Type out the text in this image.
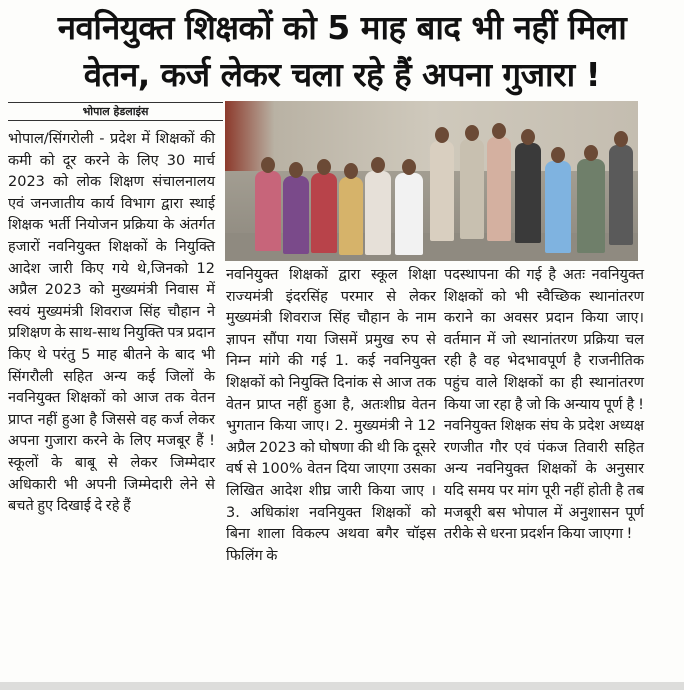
नवनियुक्त शिक्षकों को 5 माह बाद भी नहीं मिला
वेतन, कर्ज लेकर चला रहे हैं अपना गुजारा !
भोपाल हेडलाइंस

भोपाल/सिंगरोली - प्रदेश में शिक्षकों की कमी को दूर करने के लिए 30 मार्च 2023 को लोक शिक्षण संचालनालय एवं जनजातीय कार्य विभाग द्वारा स्थाई शिक्षक भर्ती नियोजन प्रक्रिया के अंतर्गत हजारों नवनियुक्त शिक्षकों के नियुक्ति आदेश जारी किए गये थे,जिनको 12 अप्रैल 2023 को मुख्यमंत्री निवास में स्वयं मुख्यमंत्री शिवराज सिंह चौहान ने प्रशिक्षण के साथ-साथ नियुक्ति पत्र प्रदान किए थे परंतु 5 माह बीतने के बाद भी सिंगरौली सहित अन्य कई जिलों के नवनियुक्त शिक्षकों को आज तक वेतन प्राप्त नहीं हुआ है जिससे वह कर्ज लेकर अपना गुजारा करने के लिए मजबूर हैं ! स्कूलों के बाबू से लेकर जिम्मेदार अधिकारी भी अपनी जिम्मेदारी लेने से बचते हुए दिखाई दे रहे हैं

नवनियुक्त शिक्षकों द्वारा स्कूल शिक्षा राज्यमंत्री इंदरसिंह परमार से लेकर मुख्यमंत्री शिवराज सिंह चौहान के नाम ज्ञापन सौंपा गया जिसमें प्रमुख रुप से निम्न मांगे की गई 1. कई नवनियुक्त शिक्षकों को नियुक्ति दिनांक से आज तक वेतन प्राप्त नहीं हुआ है, अतःशीघ्र वेतन भुगतान किया जाए। 2. मुख्यमंत्री ने 12 अप्रैल 2023 को घोषणा की थी कि दूसरे वर्ष से 100% वेतन दिया जाएगा उसका लिखित आदेश शीघ्र जारी किया जाए । 3. अधिकांश नवनियुक्त शिक्षकों को बिना शाला विकल्प अथवा बगैर चॉइस फिलिंग के

पदस्थापना की गई है अतः नवनियुक्त शिक्षकों को भी स्वैच्छिक स्थानांतरण कराने का अवसर प्रदान किया जाए। वर्तमान में जो स्थानांतरण प्रक्रिया चल रही है वह भेदभावपूर्ण है राजनीतिक पहुंच वाले शिक्षकों का ही स्थानांतरण किया जा रहा है जो कि अन्याय पूर्ण है ! नवनियुक्त शिक्षक संघ के प्रदेश अध्यक्ष रणजीत गौर एवं पंकज तिवारी सहित अन्य नवनियुक्त शिक्षकों के अनुसार यदि समय पर मांग पूरी नहीं होती है तब मजबूरी बस भोपाल में अनुशासन पूर्ण तरीके से धरना प्रदर्शन किया जाएगा !
